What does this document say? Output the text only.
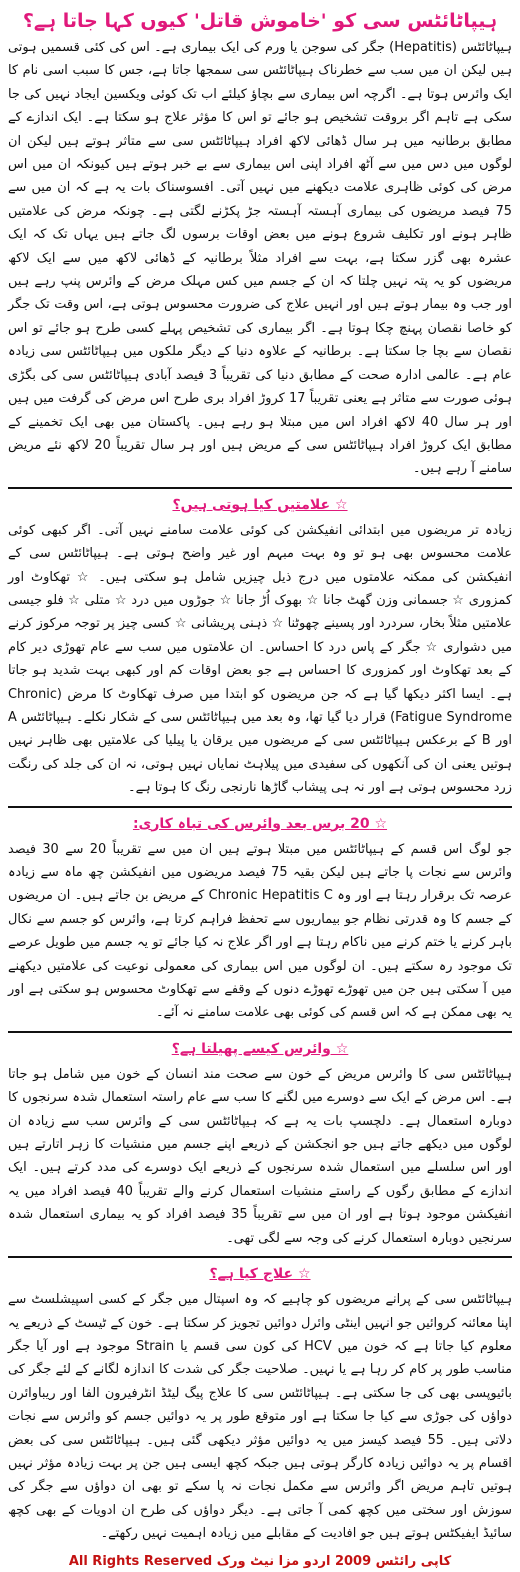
ہیپاٹائٹس سی کو 'خاموش قاتل' کیوں کہا جاتا ہے؟

ہیپاٹائٹس (Hepatitis) جگر کی سوجن یا ورم کی ایک بیماری ہے۔ اس کی کئی قسمیں ہوتی ہیں لیکن ان میں سب سے خطرناک ہیپاٹائٹس سی سمجھا جاتا ہے، جس کا سبب اسی نام کا ایک وائرس ہوتا ہے۔ اگرچہ اس بیماری سے بچاؤ کیلئے اب تک کوئی ویکسین ایجاد نہیں کی جا سکی ہے تاہم اگر بروقت تشخیص ہو جائے تو اس کا مؤثر علاج ہو سکتا ہے۔ ایک اندازے کے مطابق برطانیہ میں ہر سال ڈھائی لاکھ افراد ہیپاٹائٹس سی سے متاثر ہوتے ہیں لیکن ان لوگوں میں دس میں سے آٹھ افراد اپنی اس بیماری سے بے خبر ہوتے ہیں کیونکہ ان میں اس مرض کی کوئی ظاہری علامت دیکھنے میں نہیں آتی۔ افسوسناک بات یہ ہے کہ ان میں سے 75 فیصد مریضوں کی بیماری آہستہ آہستہ جڑ پکڑنے لگتی ہے۔ چونکہ مرض کی علامتیں ظاہر ہونے اور تکلیف شروع ہونے میں بعض اوقات برسوں لگ جاتے ہیں یہاں تک کہ ایک عشرہ بھی گزر سکتا ہے، بہت سے افراد مثلاً برطانیہ کے ڈھائی لاکھ میں سے ایک لاکھ مریضوں کو یہ پتہ نہیں چلتا کہ ان کے جسم میں کس مہلک مرض کے وائرس پنپ رہے ہیں اور جب وہ بیمار ہوتے ہیں اور انہیں علاج کی ضرورت محسوس ہوتی ہے، اس وقت تک جگر کو خاصا نقصان پہنچ چکا ہوتا ہے۔ اگر بیماری کی تشخیص پہلے کسی طرح ہو جائے تو اس نقصان سے بچا جا سکتا ہے۔ برطانیہ کے علاوہ دنیا کے دیگر ملکوں میں ہیپاٹائٹس سی زیادہ عام ہے۔ عالمی ادارہ صحت کے مطابق دنیا کی تقریباً 3 فیصد آبادی ہیپاٹائٹس سی کی بگڑی ہوئی صورت سے متاثر ہے یعنی تقریباً 17 کروڑ افراد بری طرح اس مرض کی گرفت میں ہیں اور ہر سال 40 لاکھ افراد اس میں مبتلا ہو رہے ہیں۔ پاکستان میں بھی ایک تخمینے کے مطابق ایک کروڑ افراد ہیپاٹائٹس سی کے مریض ہیں اور ہر سال تقریباً 20 لاکھ نئے مریض سامنے آ رہے ہیں۔

☆ علامتیں کیا ہوتی ہیں؟

زیادہ تر مریضوں میں ابتدائی انفیکشن کی کوئی علامت سامنے نہیں آتی۔ اگر کبھی کوئی علامت محسوس بھی ہو تو وہ بہت مبہم اور غیر واضح ہوتی ہے۔ ہیپاٹائٹس سی کے انفیکشن کی ممکنہ علامتوں میں درج ذیل چیزیں شامل ہو سکتی ہیں۔ ☆ تھکاوٹ اور کمزوری ☆ جسمانی وزن گھٹ جانا ☆ بھوک اُڑ جانا ☆ جوڑوں میں درد ☆ متلی ☆ فلو جیسی علامتیں مثلاً بخار، سردرد اور پسینے چھوٹنا ☆ ذہنی پریشانی ☆ کسی چیز پر توجہ مرکوز کرنے میں دشواری ☆ جگر کے پاس درد کا احساس۔ ان علامتوں میں سب سے عام تھوڑی دیر کام کے بعد تھکاوٹ اور کمزوری کا احساس ہے جو بعض اوقات کم اور کبھی بہت شدید ہو جاتا ہے۔ ایسا اکثر دیکھا گیا ہے کہ جن مریضوں کو ابتدا میں صرف تھکاوٹ کا مرض (Chronic Fatigue Syndrome) قرار دیا گیا تھا، وہ بعد میں ہیپاٹائٹس سی کے شکار نکلے۔ ہیپاٹائٹس A اور B کے برعکس ہیپاٹائٹس سی کے مریضوں میں یرقان یا پیلیا کی علامتیں بھی ظاہر نہیں ہوتیں یعنی ان کی آنکھوں کی سفیدی میں پیلاہٹ نمایاں نہیں ہوتی، نہ ان کی جلد کی رنگت زرد محسوس ہوتی ہے اور نہ ہی پیشاب گاڑھا نارنجی رنگ کا ہوتا ہے۔

☆ 20 برس بعد وائرس کی تباہ کاری:

جو لوگ اس قسم کے ہیپاٹائٹس میں مبتلا ہوتے ہیں ان میں سے تقریباً 20 سے 30 فیصد وائرس سے نجات پا جاتے ہیں لیکن بقیہ 75 فیصد مریضوں میں انفیکشن چھ ماہ سے زیادہ عرصہ تک برقرار رہتا ہے اور وہ Chronic Hepatitis C کے مریض بن جاتے ہیں۔ ان مریضوں کے جسم کا وہ قدرتی نظام جو بیماریوں سے تحفظ فراہم کرتا ہے، وائرس کو جسم سے نکال باہر کرنے یا ختم کرنے میں ناکام رہتا ہے اور اگر علاج نہ کیا جائے تو یہ جسم میں طویل عرصے تک موجود رہ سکتے ہیں۔ ان لوگوں میں اس بیماری کی معمولی نوعیت کی علامتیں دیکھنے میں آ سکتی ہیں جن میں تھوڑے تھوڑے دنوں کے وقفے سے تھکاوٹ محسوس ہو سکتی ہے اور یہ بھی ممکن ہے کہ اس قسم کی کوئی بھی علامت سامنے نہ آئے۔

☆ وائرس کیسے پھیلتا ہے؟

ہیپاٹائٹس سی کا وائرس مریض کے خون سے صحت مند انسان کے خون میں شامل ہو جاتا ہے۔ اس مرض کے ایک سے دوسرے میں لگنے کا سب سے عام راستہ استعمال شدہ سرنجوں کا دوبارہ استعمال ہے۔ دلچسپ بات یہ ہے کہ ہیپاٹائٹس سی کے وائرس سب سے زیادہ ان لوگوں میں دیکھے جاتے ہیں جو انجکشن کے ذریعے اپنے جسم میں منشیات کا زہر اتارتے ہیں اور اس سلسلے میں استعمال شدہ سرنجوں کے ذریعے ایک دوسرے کی مدد کرتے ہیں۔ ایک اندازے کے مطابق رگوں کے راستے منشیات استعمال کرنے والے تقریباً 40 فیصد افراد میں یہ انفیکشن موجود ہوتا ہے اور ان میں سے تقریباً 35 فیصد افراد کو یہ بیماری استعمال شدہ سرنجیں دوبارہ استعمال کرنے کی وجہ سے لگی تھی۔

☆ علاج کیا ہے؟

ہیپاٹائٹس سی کے پرانے مریضوں کو چاہیے کہ وہ اسپتال میں جگر کے کسی اسپیشلسٹ سے اپنا معائنہ کروائیں جو انہیں اینٹی وائرل دوائیں تجویز کر سکتا ہے۔ خون کے ٹیسٹ کے ذریعے یہ معلوم کیا جاتا ہے کہ خون میں HCV کی کون سی قسم یا Strain موجود ہے اور آیا جگر مناسب طور پر کام کر رہا ہے یا نہیں۔ صلاحیت جگر کی شدت کا اندازہ لگانے کے لئے جگر کی بائیوپسی بھی کی جا سکتی ہے۔ ہیپاٹائٹس سی کا علاج پیگ لیٹڈ انٹرفیرون الفا اور ریباوائرن دواؤں کی جوڑی سے کیا جا سکتا ہے اور متوقع طور پر یہ دوائیں جسم کو وائرس سے نجات دلاتی ہیں۔ 55 فیصد کیسز میں یہ دوائیں مؤثر دیکھی گئی ہیں۔ ہیپاٹائٹس سی کی بعض اقسام پر یہ دوائیں زیادہ کارگر ہوتی ہیں جبکہ کچھ ایسی ہیں جن پر بہت زیادہ مؤثر نہیں ہوتیں تاہم مریض اگر وائرس سے مکمل نجات نہ پا سکے تو بھی ان دواؤں سے جگر کی سوزش اور سختی میں کچھ کمی آ جاتی ہے۔ دیگر دواؤں کی طرح ان ادویات کے بھی کچھ سائیڈ ایفیکٹس ہوتے ہیں جو افادیت کے مقابلے میں زیادہ اہمیت نہیں رکھتے۔

کاپی رائٹس 2009 اردو مزا نیٹ ورک All Rights Reserved
